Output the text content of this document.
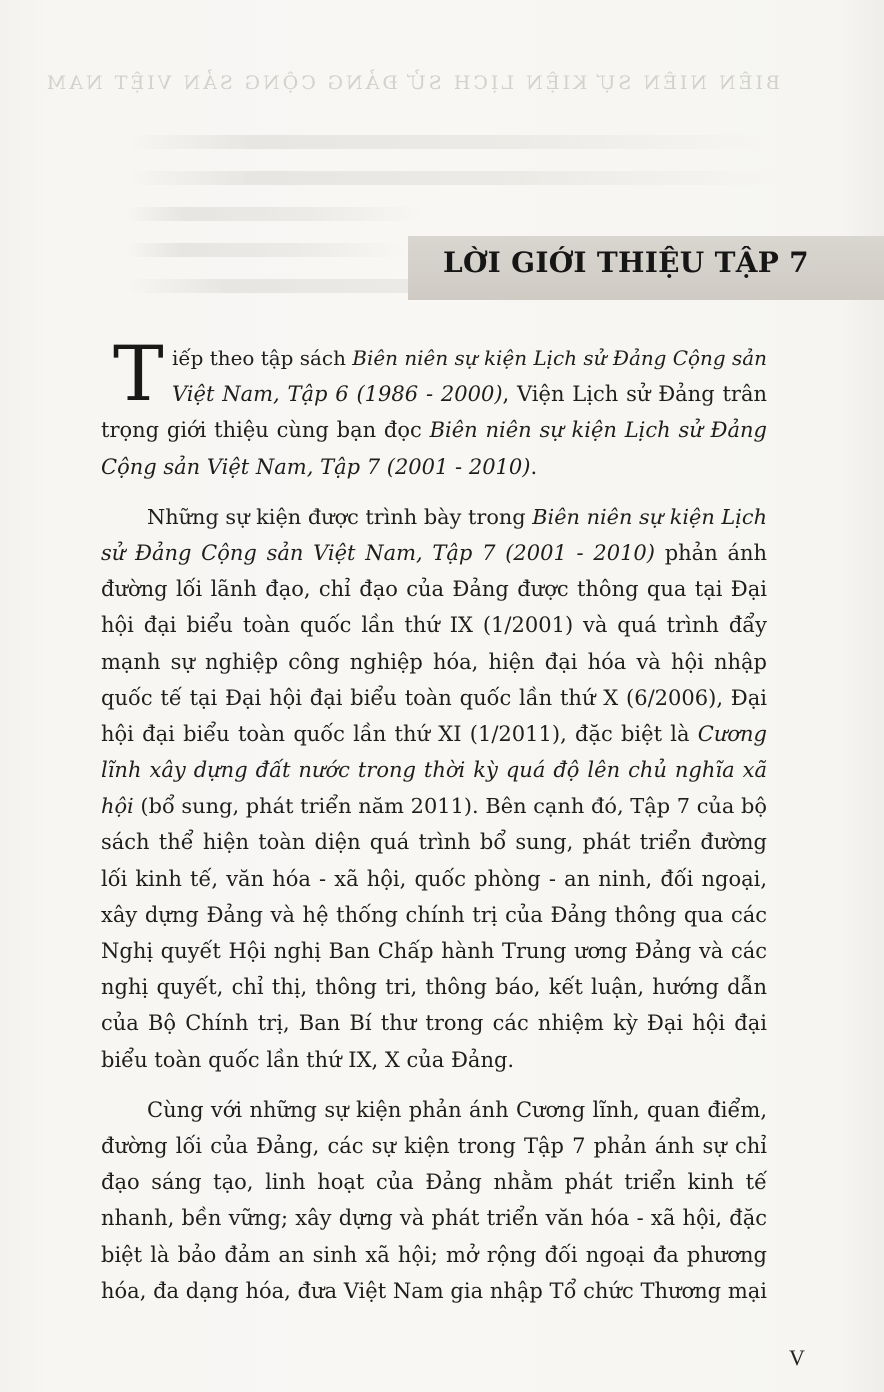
BIÊN NIÊN SỰ KIỆN LỊCH SỬ ĐẢNG CỘNG SẢN VIỆT NAM
LỜI GIỚI THIỆU TẬP 7
T iếp theo tập sách Biên niên sự kiện Lịch sử Đảng Cộng sản
Việt Nam, Tập 6 (1986 - 2000), Viện Lịch sử Đảng trân
trọng giới thiệu cùng bạn đọc Biên niên sự kiện Lịch sử Đảng
Cộng sản Việt Nam, Tập 7 (2001 - 2010).
Những sự kiện được trình bày trong Biên niên sự kiện Lịch
sử Đảng Cộng sản Việt Nam, Tập 7 (2001 - 2010) phản ánh
đường lối lãnh đạo, chỉ đạo của Đảng được thông qua tại Đại
hội đại biểu toàn quốc lần thứ IX (1/2001) và quá trình đẩy
mạnh sự nghiệp công nghiệp hóa, hiện đại hóa và hội nhập
quốc tế tại Đại hội đại biểu toàn quốc lần thứ X (6/2006), Đại
hội đại biểu toàn quốc lần thứ XI (1/2011), đặc biệt là Cương
lĩnh xây dựng đất nước trong thời kỳ quá độ lên chủ nghĩa xã
hội (bổ sung, phát triển năm 2011). Bên cạnh đó, Tập 7 của bộ
sách thể hiện toàn diện quá trình bổ sung, phát triển đường
lối kinh tế, văn hóa - xã hội, quốc phòng - an ninh, đối ngoại,
xây dựng Đảng và hệ thống chính trị của Đảng thông qua các
Nghị quyết Hội nghị Ban Chấp hành Trung ương Đảng và các
nghị quyết, chỉ thị, thông tri, thông báo, kết luận, hướng dẫn
của Bộ Chính trị, Ban Bí thư trong các nhiệm kỳ Đại hội đại
biểu toàn quốc lần thứ IX, X của Đảng.
Cùng với những sự kiện phản ánh Cương lĩnh, quan điểm,
đường lối của Đảng, các sự kiện trong Tập 7 phản ánh sự chỉ
đạo sáng tạo, linh hoạt của Đảng nhằm phát triển kinh tế
nhanh, bền vững; xây dựng và phát triển văn hóa - xã hội, đặc
biệt là bảo đảm an sinh xã hội; mở rộng đối ngoại đa phương
hóa, đa dạng hóa, đưa Việt Nam gia nhập Tổ chức Thương mại
V
